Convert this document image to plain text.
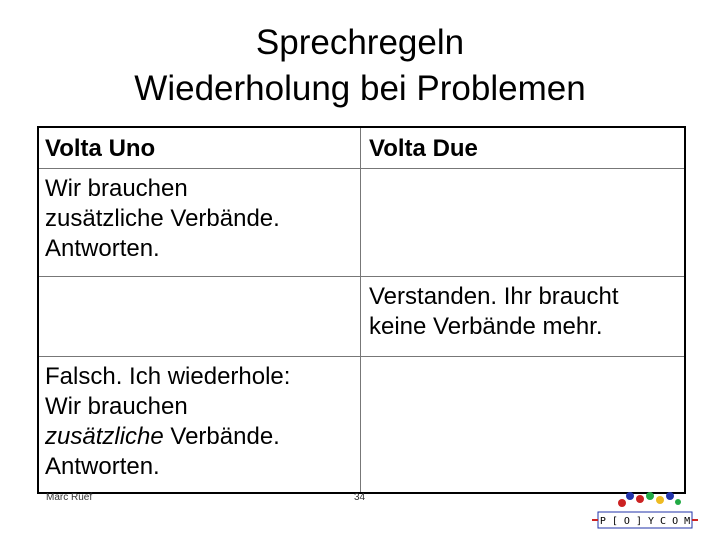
Sprechregeln
Wiederholung bei Problemen
Volta Uno	Volta Due
Wir brauchen
zusätzliche Verbände.
Antworten.
Verstanden. Ihr braucht
keine Verbände mehr.
Falsch. Ich wiederhole:
Wir brauchen
zusätzliche Verbände.
Antworten.
Marc Ruef	34
P [ O ] Y C O M
